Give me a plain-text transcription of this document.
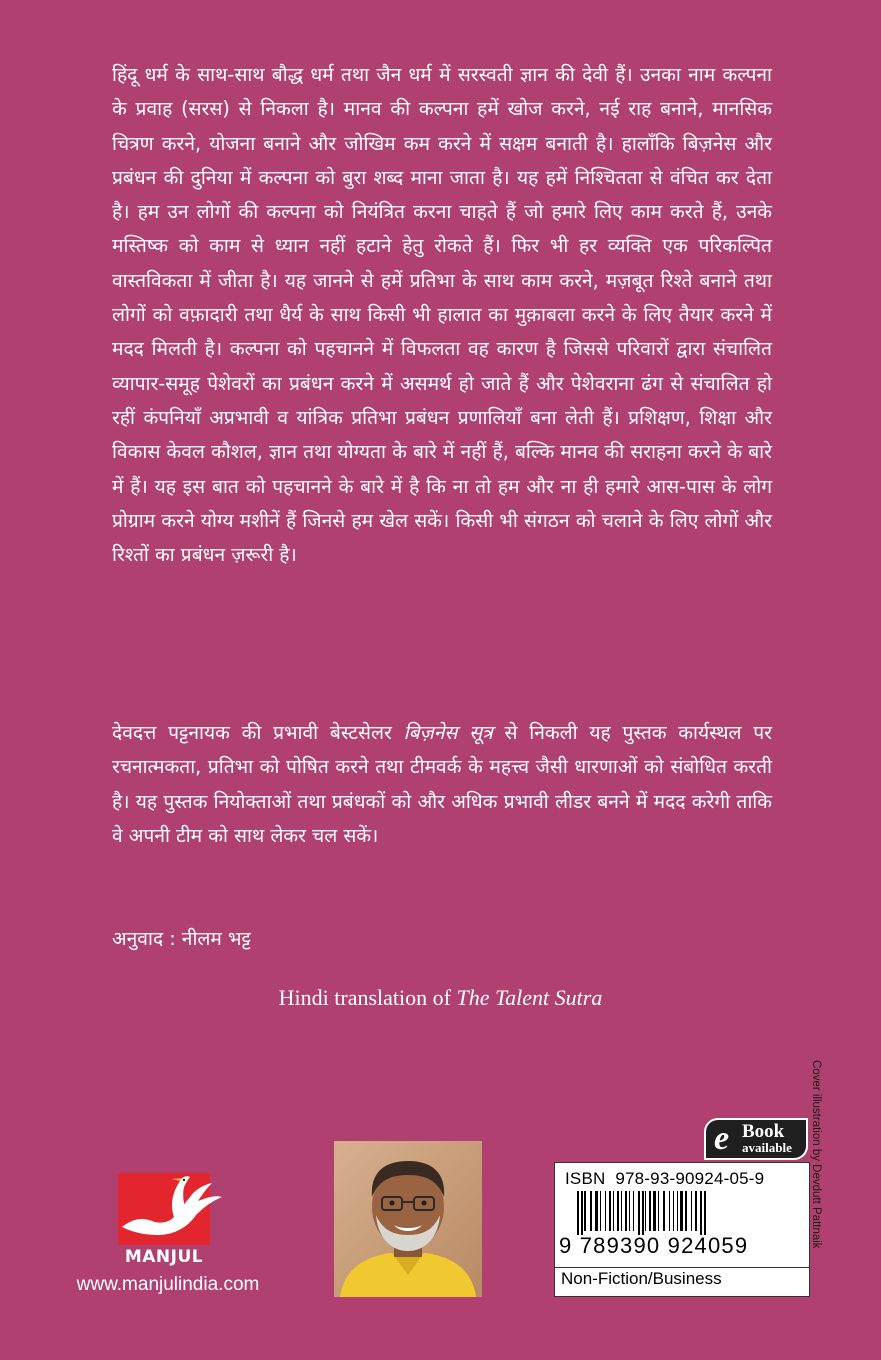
हिंदू धर्म के साथ-साथ बौद्ध धर्म तथा जैन धर्म में सरस्वती ज्ञान की देवी हैं। उनका नाम कल्पना के प्रवाह (सरस) से निकला है। मानव की कल्पना हमें खोज करने, नई राह बनाने, मानसिक चित्रण करने, योजना बनाने और जोखिम कम करने में सक्षम बनाती है। हालाँकि बिज़नेस और प्रबंधन की दुनिया में कल्पना को बुरा शब्द माना जाता है। यह हमें निश्चितता से वंचित कर देता है। हम उन लोगों की कल्पना को नियंत्रित करना चाहते हैं जो हमारे लिए काम करते हैं, उनके मस्तिष्क को काम से ध्यान नहीं हटाने हेतु रोकते हैं। फिर भी हर व्यक्ति एक परिकल्पित वास्तविकता में जीता है। यह जानने से हमें प्रतिभा के साथ काम करने, मज़बूत रिश्ते बनाने तथा लोगों को वफ़ादारी तथा धैर्य के साथ किसी भी हालात का मुक़ाबला करने के लिए तैयार करने में मदद मिलती है। कल्पना को पहचानने में विफलता वह कारण है जिससे परिवारों द्वारा संचालित व्यापार-समूह पेशेवरों का प्रबंधन करने में असमर्थ हो जाते हैं और पेशेवराना ढंग से संचालित हो रहीं कंपनियाँ अप्रभावी व यांत्रिक प्रतिभा प्रबंधन प्रणालियाँ बना लेती हैं। प्रशिक्षण, शिक्षा और विकास केवल कौशल, ज्ञान तथा योग्यता के बारे में नहीं हैं, बल्कि मानव की सराहना करने के बारे में हैं। यह इस बात को पहचानने के बारे में है कि ना तो हम और ना ही हमारे आस-पास के लोग प्रोग्राम करने योग्य मशीनें हैं जिनसे हम खेल सकें। किसी भी संगठन को चलाने के लिए लोगों और रिश्तों का प्रबंधन ज़रूरी है।

देवदत्त पट्टनायक की प्रभावी बेस्टसेलर बिज़नेस सूत्र से निकली यह पुस्तक कार्यस्थल पर रचनात्मकता, प्रतिभा को पोषित करने तथा टीमवर्क के महत्त्व जैसी धारणाओं को संबोधित करती है। यह पुस्तक नियोक्ताओं तथा प्रबंधकों को और अधिक प्रभावी लीडर बनने में मदद करेगी ताकि वे अपनी टीम को साथ लेकर चल सकें।

अनुवाद : नीलम भट्ट

Hindi translation of The Talent Sutra
MANJUL
www.manjulindia.com
e Book
available
ISBN 978-93-90924-05-9
9 789390 924059
Non-Fiction/Business
Cover illustration by Devdutt Pattnaik
